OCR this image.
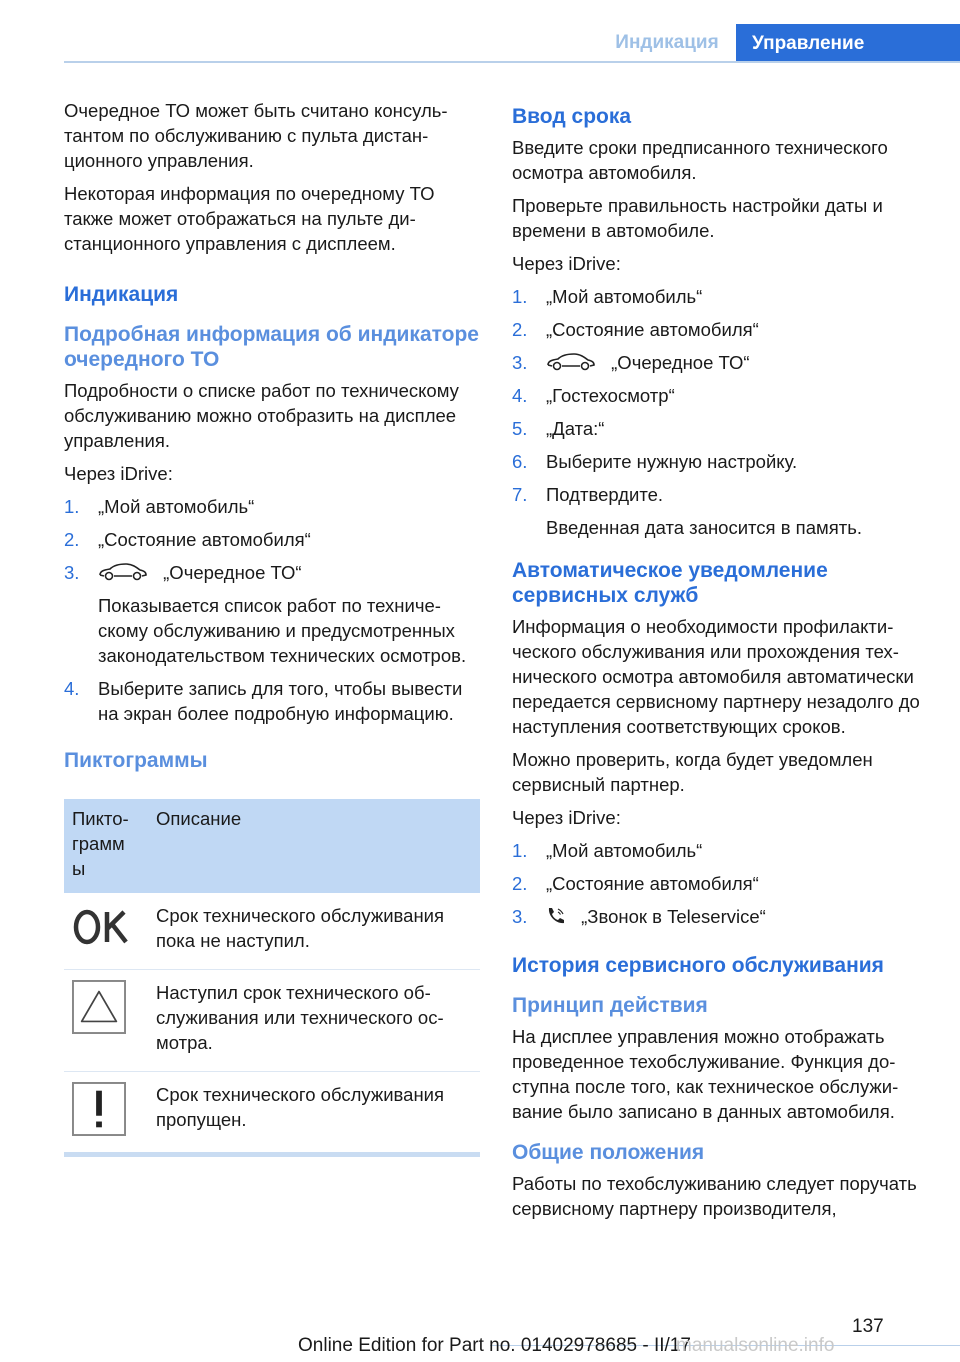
Индикация	Управление

Очередное ТО может быть считано консультантом по обслуживанию с пульта дистанционного управления.

Некоторая информация по очередному ТО также может отображаться на пульте дистанционного управления с дисплеем.

Индикация
Подробная информация об индикаторе очередного ТО

Подробности о списке работ по техническому обслуживанию можно отобразить на дисплее управления.

Через iDrive:

1. „Мой автомобиль“
2. „Состояние автомобиля“
3.	„Очередное ТО“
Показывается список работ по техническому обслуживанию и предусмотренных законодательством технических осмотров.
4. Выберите запись для того, чтобы вывести на экран более подробную информацию.
Пиктограммы
Пиктограмм ы	Описание

	Срок технического обслуживания пока не наступил.

	Наступил срок технического обслуживания или технического осмотра.

	Срок технического обслуживания пропущен.
Ввод срока

Введите сроки предписанного технического осмотра автомобиля.

Проверьте правильность настройки даты и времени в автомобиле.

Через iDrive:

1. „Мой автомобиль“
2. „Состояние автомобиля“
3.	„Очередное ТО“
4. „Гостехосмотр“
5. „Дата:“
6. Выберите нужную настройку.
7. Подтвердите.
Введенная дата заносится в память.
Автоматическое уведомление сервисных служб

Информация о необходимости профилактического обслуживания или прохождения технического осмотра автомобиля автоматически передается сервисному партнеру незадолго до наступления соответствующих сроков.

Можно проверить, когда будет уведомлен сервисный партнер.

Через iDrive:

1. „Мой автомобиль“
2. „Состояние автомобиля“
3.	„Звонок в Teleservice“
История сервисного обслуживания
Принцип действия

На дисплее управления можно отображать проведенное техобслуживание. Функция доступна после того, как техническое обслуживание было записано в данных автомобиля.

Общие положения

Работы по техобслуживанию следует поручать сервисному партнеру производителя,

137
Online Edition for Part no. 01402978685 - II/17
manualsonline.info
